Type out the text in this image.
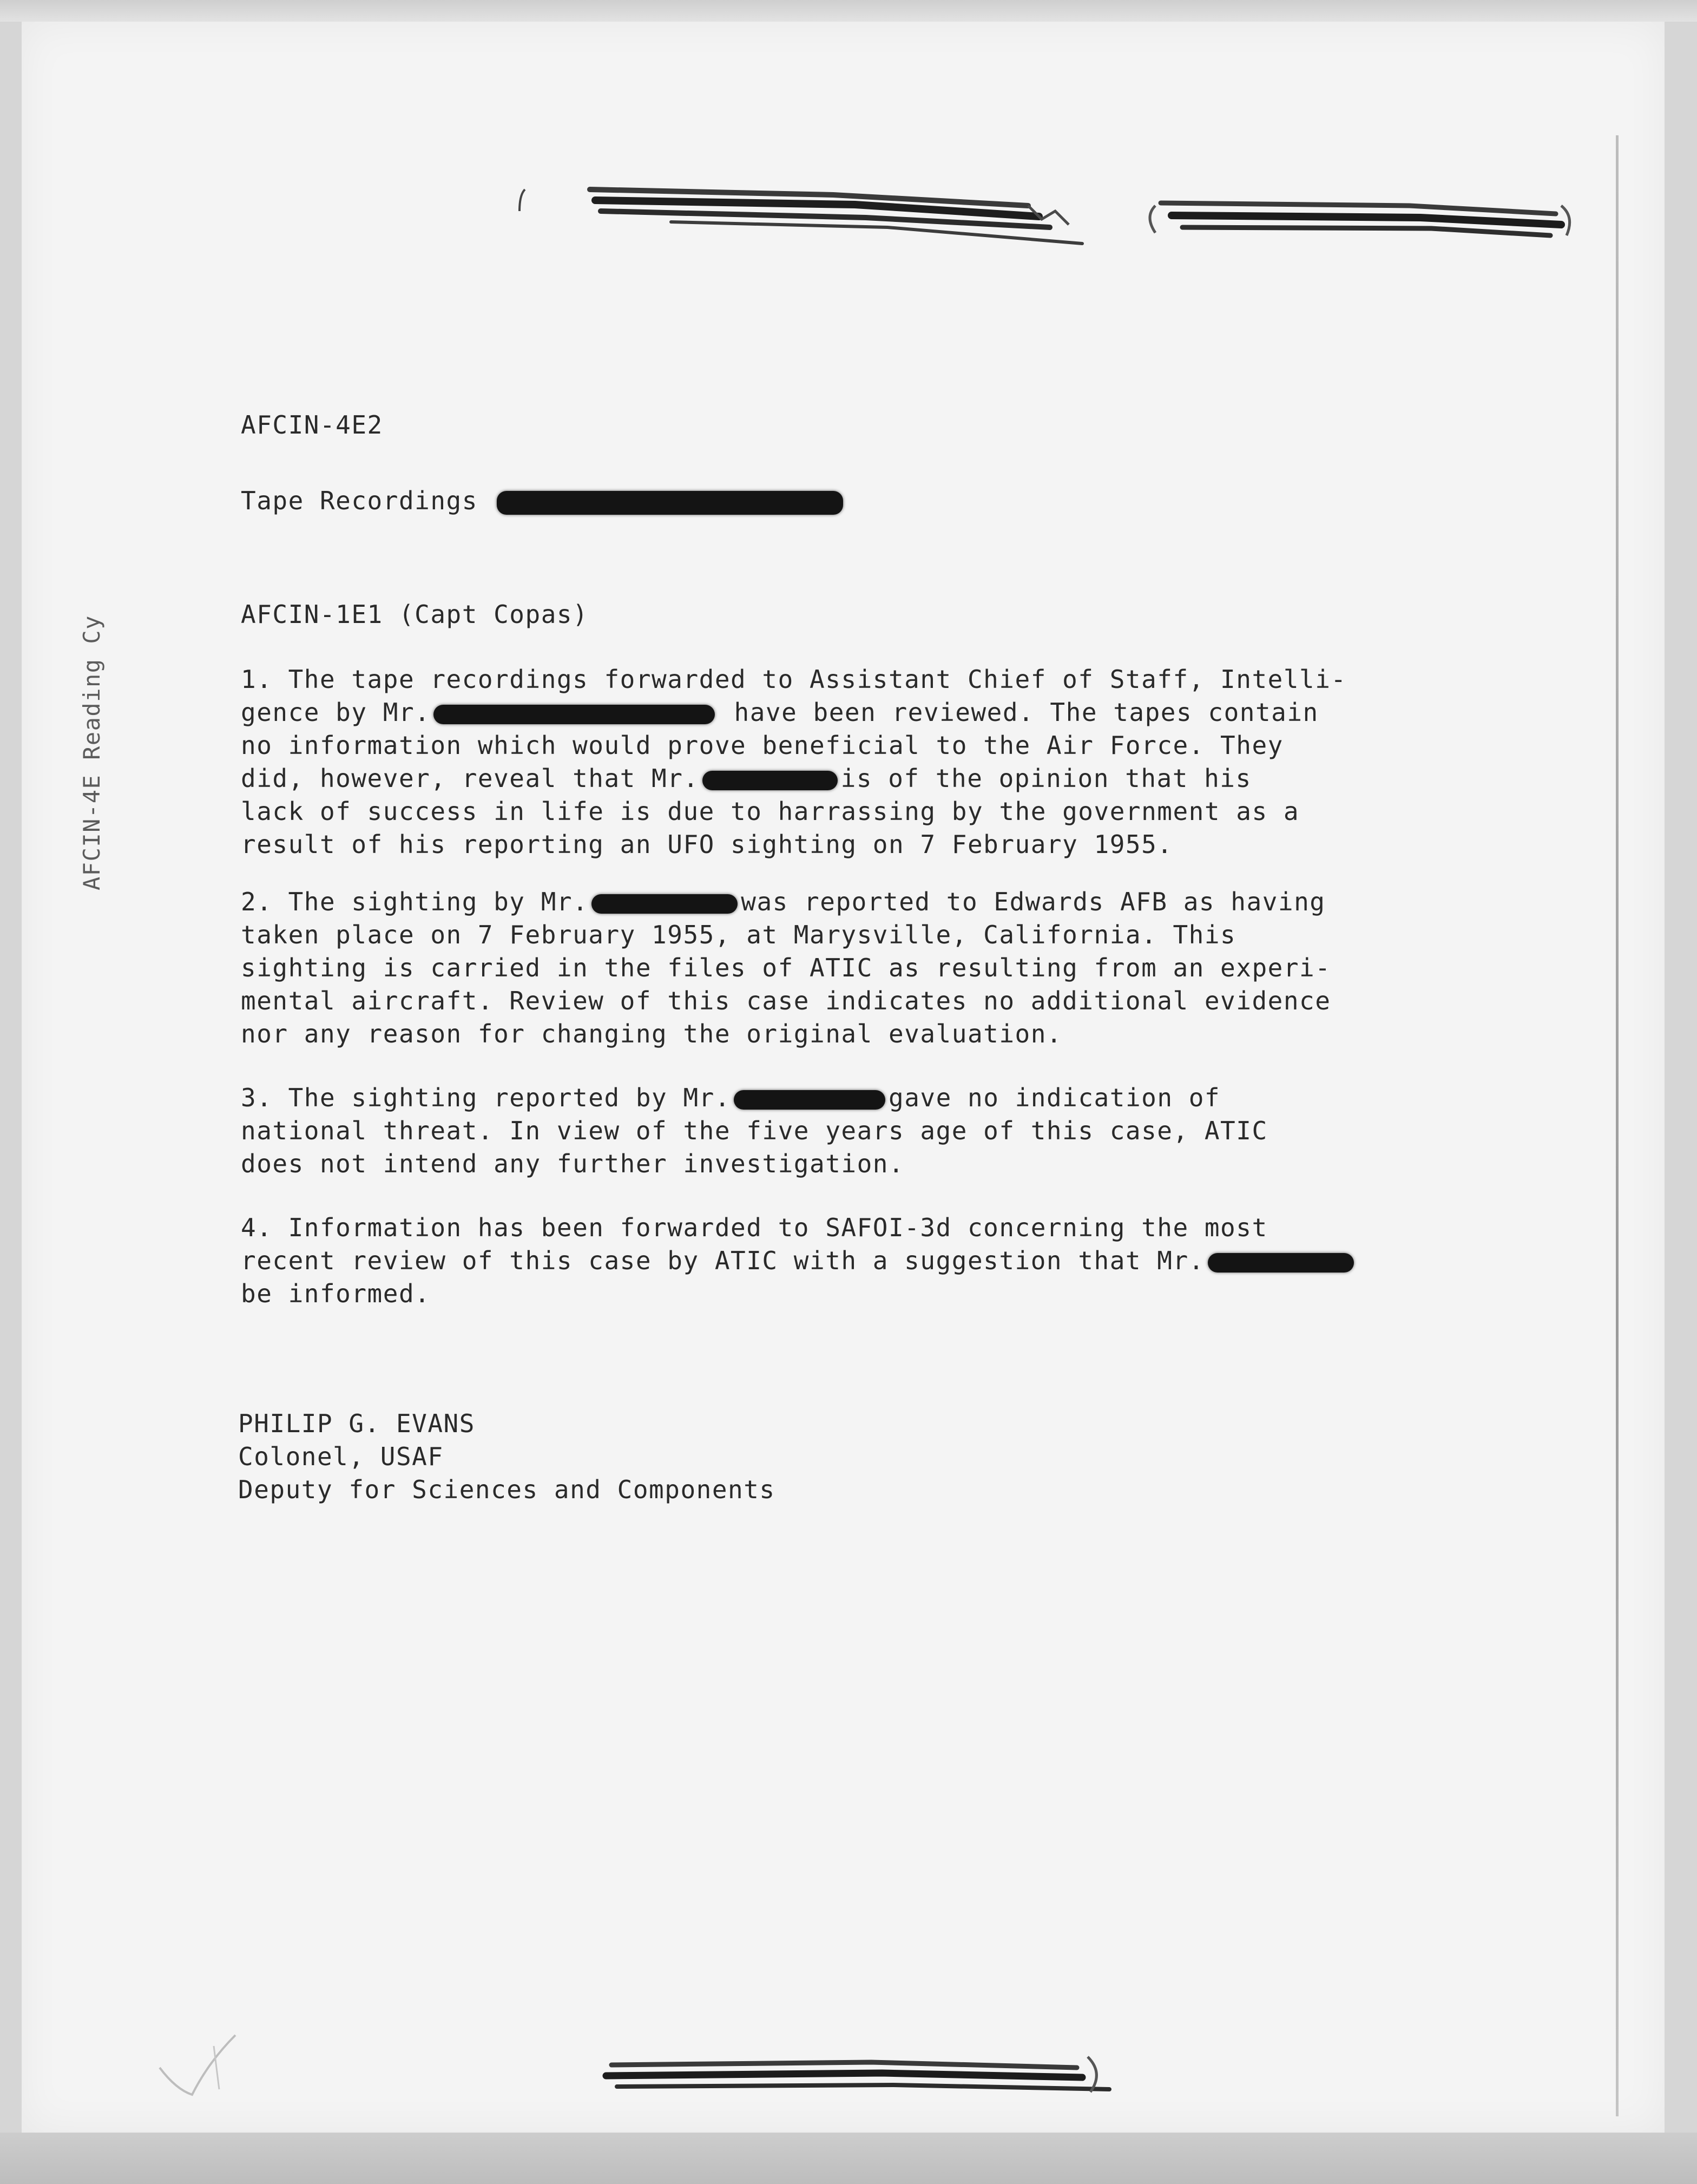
AFCIN-4E Reading Cy
AFCIN-4E2
Tape Recordings
AFCIN-1E1 (Capt Copas)
1. The tape recordings forwarded to Assistant Chief of Staff, Intelli-
gence by Mr.	have been reviewed. The tapes contain
no information which would prove beneficial to the Air Force. They
did, however, reveal that Mr.	is of the opinion that his
lack of success in life is due to harrassing by the government as a
result of his reporting an UFO sighting on 7 February 1955.
2. The sighting by Mr.	was reported to Edwards AFB as having
taken place on 7 February 1955, at Marysville, California. This
sighting is carried in the files of ATIC as resulting from an experi-
mental aircraft. Review of this case indicates no additional evidence
nor any reason for changing the original evaluation.
3. The sighting reported by Mr.	gave no indication of
national threat. In view of the five years age of this case, ATIC
does not intend any further investigation.
4. Information has been forwarded to SAFOI-3d concerning the most
recent review of this case by ATIC with a suggestion that Mr.
be informed.
PHILIP G. EVANS
Colonel, USAF
Deputy for Sciences and Components
